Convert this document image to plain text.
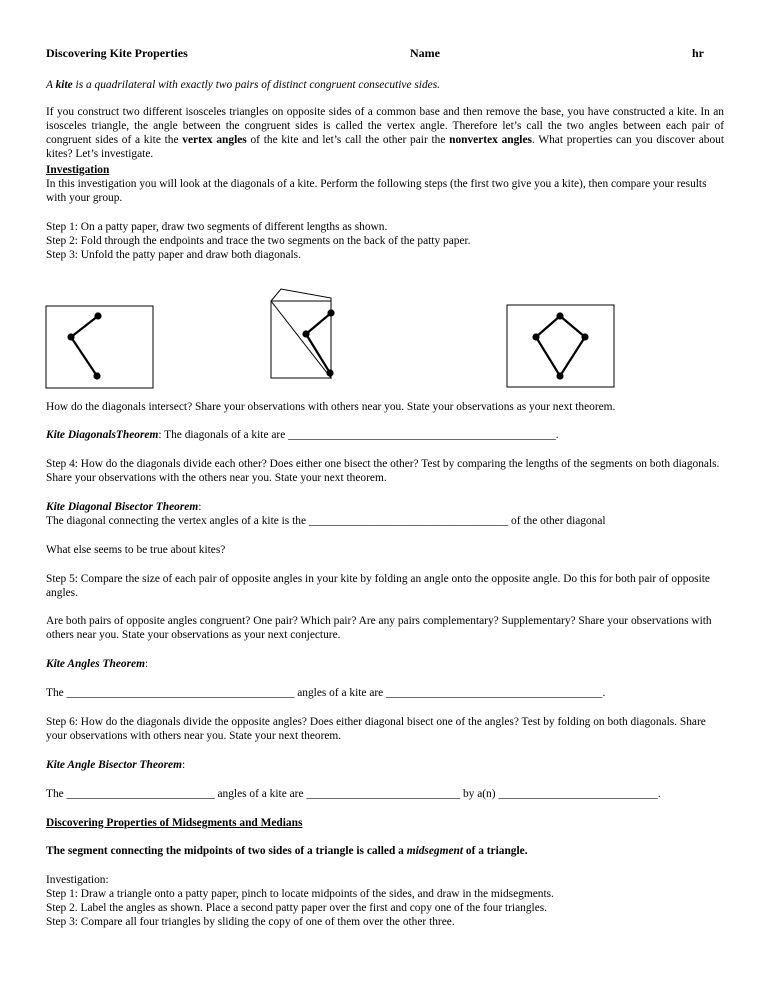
Discovering Kite Properties
	Name
	hr

A kite is a quadrilateral with exactly two pairs of distinct congruent consecutive sides.

If you construct two different isosceles triangles on opposite sides of a common base and then remove the base, you have constructed a kite. In an isosceles triangle, the angle between the congruent sides is called the vertex angle. Therefore let’s call the two angles between each pair of congruent sides of a kite the vertex angles of the kite and let’s call the other pair the nonvertex angles. What properties can you discover about kites? Let’s investigate.

Investigation

In this investigation you will look at the diagonals of a kite. Perform the following steps (the first two give you a kite), then compare your results with your group.

Step 1: On a patty paper, draw two segments of different lengths as shown.

Step 2: Fold through the endpoints and trace the two segments on the back of the patty paper.

Step 3: Unfold the patty paper and draw both diagonals.

How do the diagonals intersect? Share your observations with others near you. State your observations as your next theorem.

Kite DiagonalsTheorem: The diagonals of a kite are _______________________________________________.

Step 4: How do the diagonals divide each other? Does either one bisect the other? Test by comparing the lengths of the segments on both diagonals. Share your observations with the others near you. State your next theorem.

Kite Diagonal Bisector Theorem:

The diagonal connecting the vertex angles of a kite is the ___________________________________ of the other diagonal

What else seems to be true about kites?

Step 5: Compare the size of each pair of opposite angles in your kite by folding an angle onto the opposite angle. Do this for both pair of opposite angles.

Are both pairs of opposite angles congruent? One pair? Which pair? Are any pairs complementary? Supplementary? Share your observations with others near you. State your observations as your next conjecture.

Kite Angles Theorem:

The ________________________________________ angles of a kite are ______________________________________.

Step 6: How do the diagonals divide the opposite angles? Does either diagonal bisect one of the angles? Test by folding on both diagonals. Share your observations with others near you. State your next theorem.

Kite Angle Bisector Theorem:

The __________________________ angles of a kite are ___________________________ by a(n) ____________________________.

Discovering Properties of Midsegments and Medians

The segment connecting the midpoints of two sides of a triangle is called a midsegment of a triangle.

Investigation:

Step 1: Draw a triangle onto a patty paper, pinch to locate midpoints of the sides, and draw in the midsegments.

Step 2. Label the angles as shown. Place a second patty paper over the first and copy one of the four triangles.

Step 3: Compare all four triangles by sliding the copy of one of them over the other three.
